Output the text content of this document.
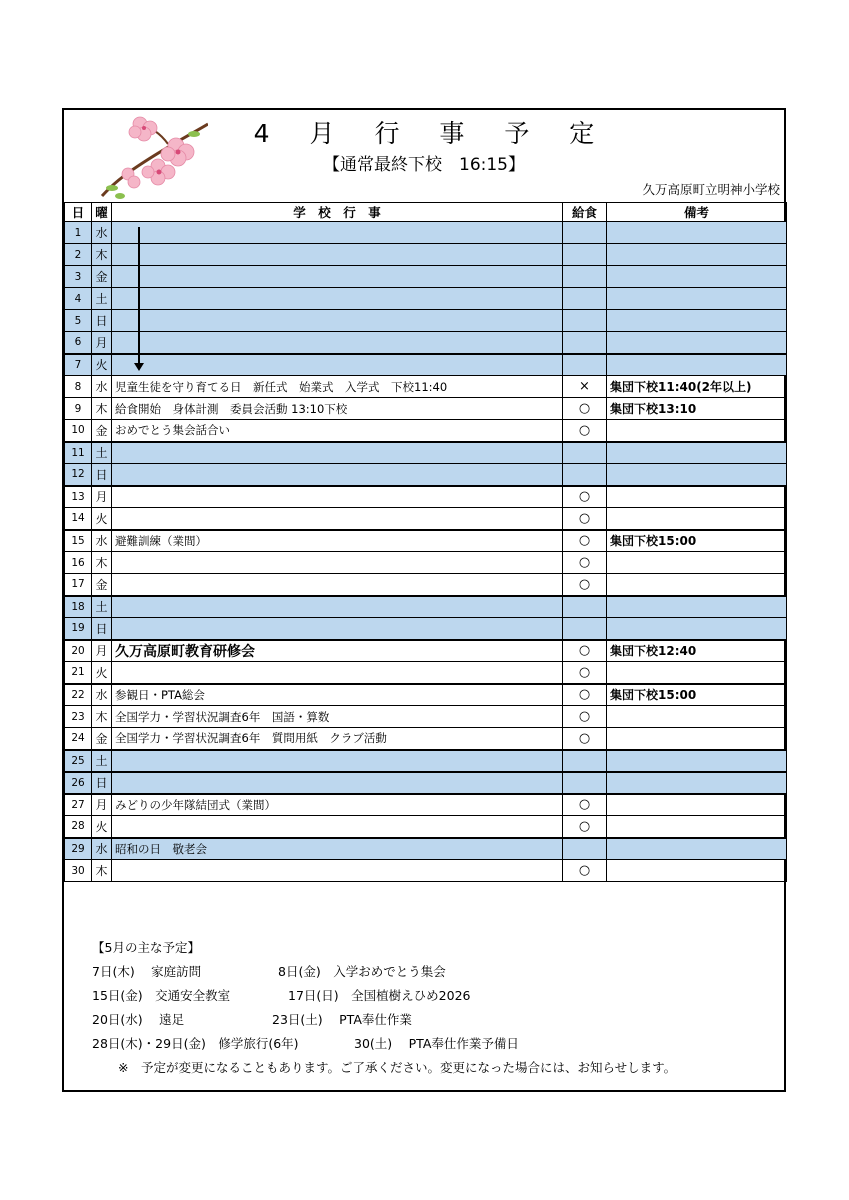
4 月 行 事 予 定
【通常最終下校　16:15】
久万高原町立明神小学校
日	曜	学　校　行　事	給食	備考
1	水			
2	木			
3	金			
4	土			
5	日			
6	月			
7	火			
8	水	児童生徒を守り育てる日　新任式　始業式　入学式　下校11:40	×	集団下校11:40(2年以上)
9	木	給食開始　身体計測　委員会活動 13:10下校	○	集団下校13:10
10	金	おめでとう集会話合い	○	
11	土			
12	日			
13	月		○	
14	火		○	
15	水	避難訓練（業間）	○	集団下校15:00
16	木		○	
17	金		○	
18	土			
19	日			
20	月	久万高原町教育研修会	○	集団下校12:40
21	火		○	
22	水	参観日・PTA総会	○	集団下校15:00
23	木	全国学力・学習状況調査6年　国語・算数	○	
24	金	全国学力・学習状況調査6年　質問用紙　クラブ活動	○	
25	土			
26	日			
27	月	みどりの少年隊結団式（業間）	○	
28	火		○	
29	水	昭和の日　敬老会		
30	木		○	
【5月の主な予定】
7日(木)　 家庭訪問	8日(金)　入学おめでとう集会
15日(金)　交通安全教室	17日(日)　全国植樹えひめ2026
20日(水)　 遠足	23日(土)　 PTA奉仕作業
28日(木)・29日(金)　修学旅行(6年)	30(土)　 PTA奉仕作業予備日
※　予定が変更になることもあります。ご了承ください。変更になった場合には、お知らせします。
